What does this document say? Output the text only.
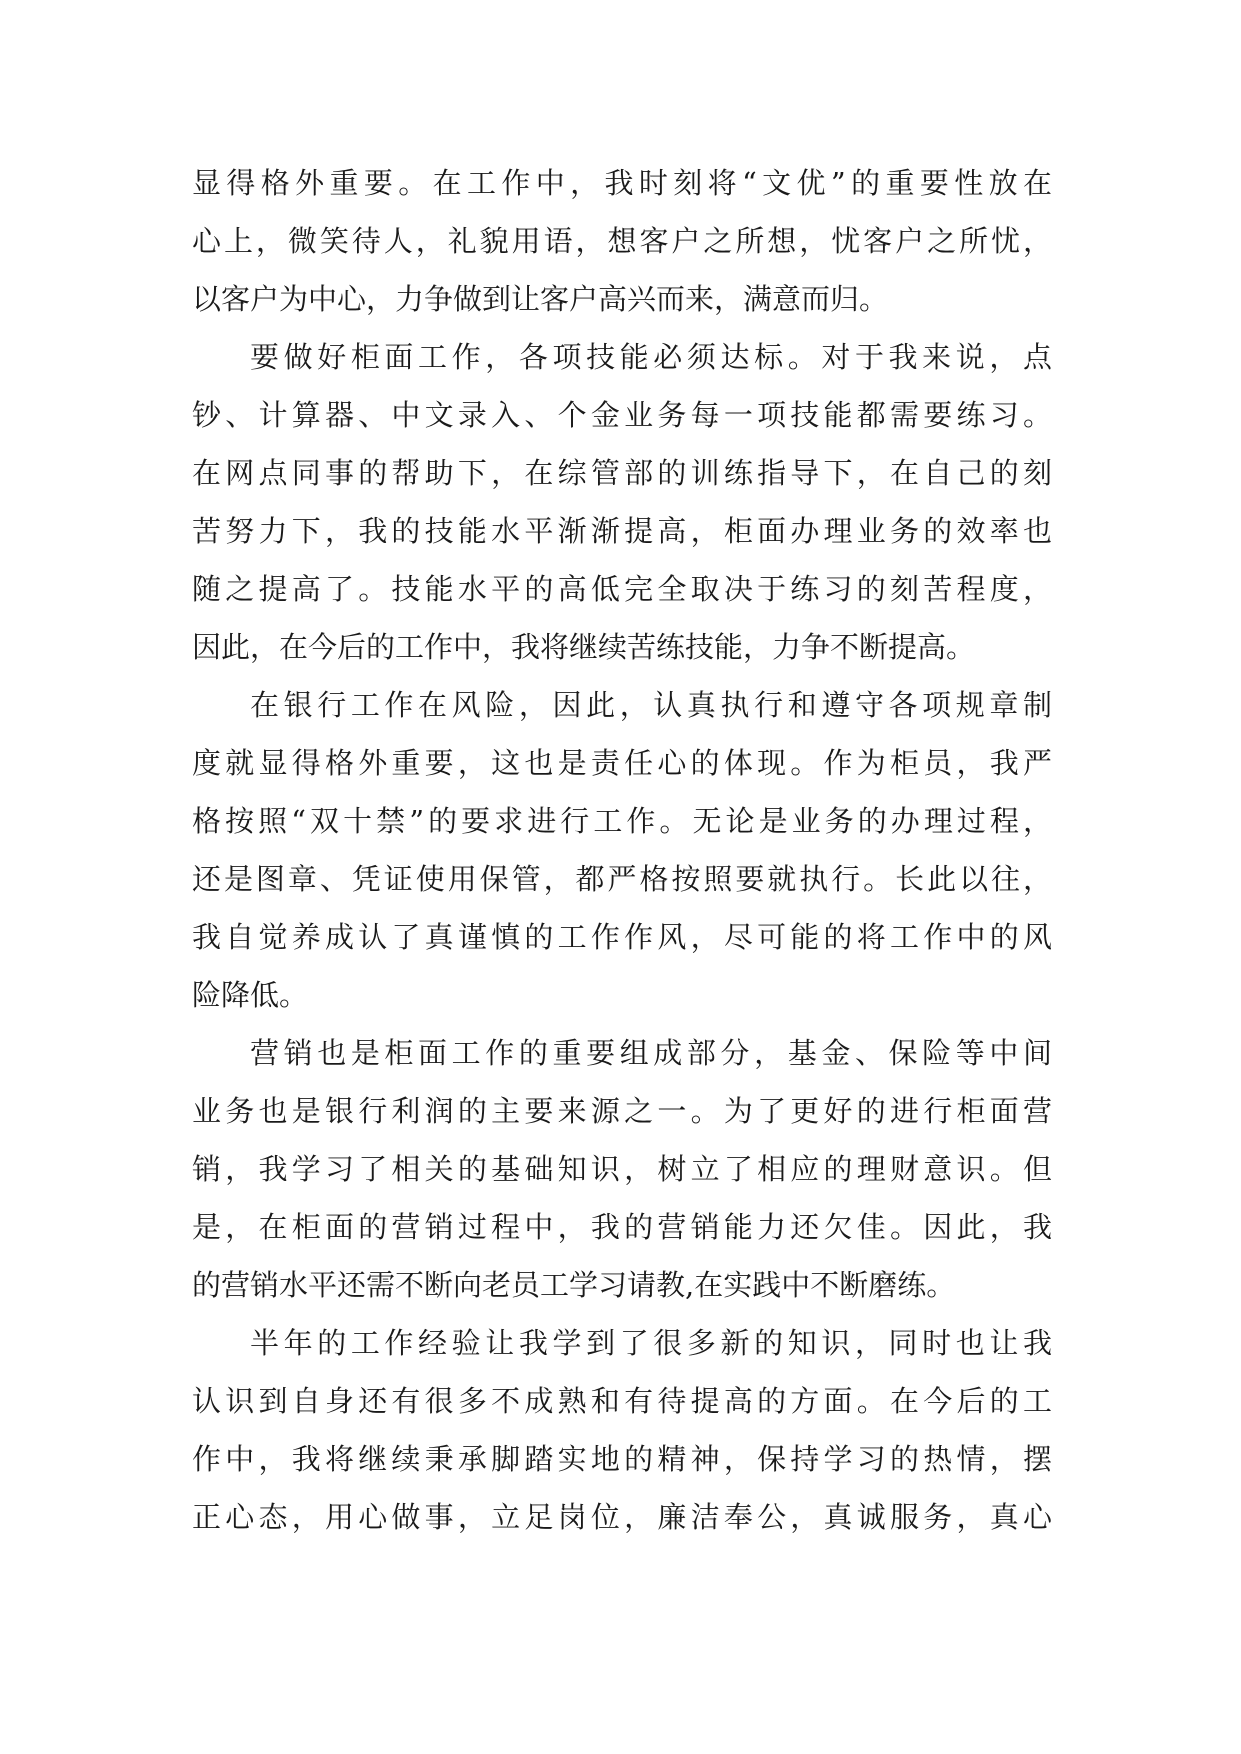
显得格外重要。在工作中，我时刻将“文优”的重要性放在
心上，微笑待人，礼貌用语，想客户之所想，忧客户之所忧，
以客户为中心，力争做到让客户高兴而来，满意而归。
要做好柜面工作，各项技能必须达标。对于我来说，点
钞、计算器、中文录入、个金业务每一项技能都需要练习。
在网点同事的帮助下，在综管部的训练指导下，在自己的刻
苦努力下，我的技能水平渐渐提高，柜面办理业务的效率也
随之提高了。技能水平的高低完全取决于练习的刻苦程度，
因此，在今后的工作中，我将继续苦练技能，力争不断提高。
在银行工作在风险，因此，认真执行和遵守各项规章制
度就显得格外重要，这也是责任心的体现。作为柜员，我严
格按照“双十禁”的要求进行工作。无论是业务的办理过程，
还是图章、凭证使用保管，都严格按照要就执行。长此以往，
我自觉养成认了真谨慎的工作作风，尽可能的将工作中的风
险降低。
营销也是柜面工作的重要组成部分，基金、保险等中间
业务也是银行利润的主要来源之一。为了更好的进行柜面营
销，我学习了相关的基础知识，树立了相应的理财意识。但
是，在柜面的营销过程中，我的营销能力还欠佳。因此，我
的营销水平还需不断向老员工学习请教,在实践中不断磨练。
半年的工作经验让我学到了很多新的知识，同时也让我
认识到自身还有很多不成熟和有待提高的方面。在今后的工
作中，我将继续秉承脚踏实地的精神，保持学习的热情，摆
正心态，用心做事，立足岗位，廉洁奉公，真诚服务，真心
